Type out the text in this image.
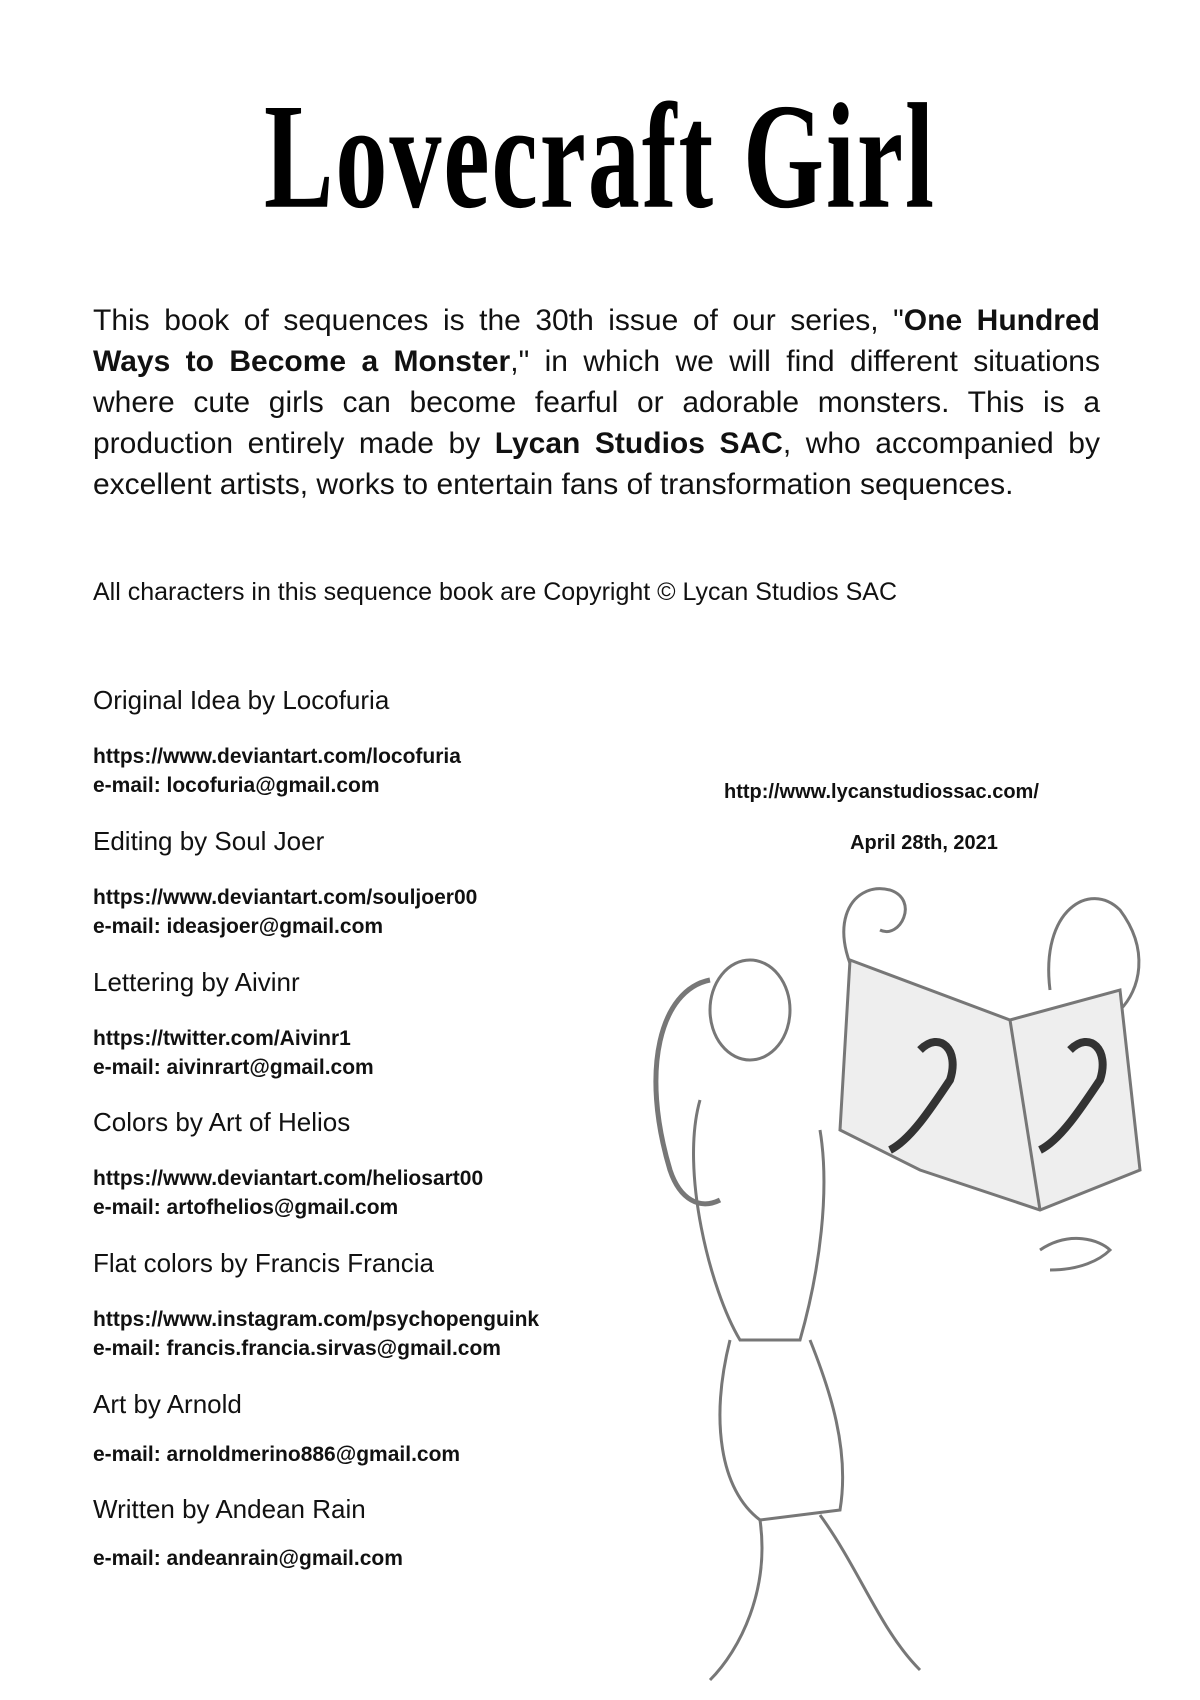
Lovecraft Girl
This book of sequences is the 30th issue of our series, "One Hundred Ways to Become a Monster," in which we will find different situations where cute girls can become fearful or adorable monsters. This is a production entirely made by Lycan Studios SAC, who accompanied by excellent artists, works to entertain fans of transformation sequences.
All characters in this sequence book are Copyright © Lycan Studios SAC
http://www.lycanstudiossac.com/
April 28th, 2021
Original Idea by Locofuria
https://www.deviantart.com/locofuria
e-mail: locofuria@gmail.com
Editing by Soul Joer
https://www.deviantart.com/souljoer00
e-mail: ideasjoer@gmail.com
Lettering by Aivinr
https://twitter.com/Aivinr1
e-mail: aivinrart@gmail.com
Colors by Art of Helios
https://www.deviantart.com/heliosart00
e-mail: artofhelios@gmail.com
Flat colors by Francis Francia
https://www.instagram.com/psychopenguink
e-mail: francis.francia.sirvas@gmail.com
Art by Arnold
e-mail: arnoldmerino886@gmail.com
Written by Andean Rain
e-mail: andeanrain@gmail.com
